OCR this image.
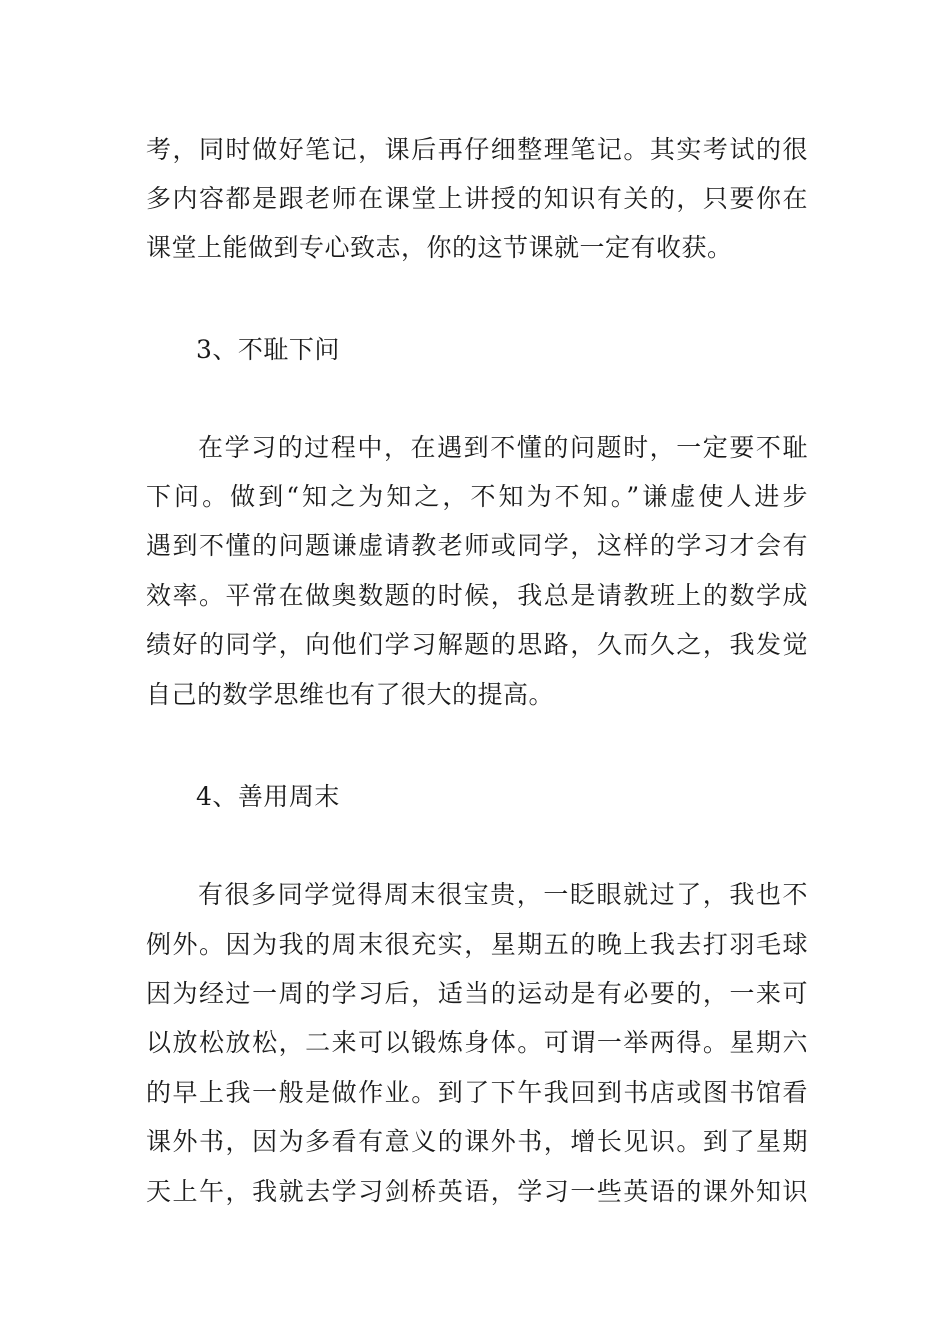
考，同时做好笔记，课后再仔细整理笔记。其实考试的很
多内容都是跟老师在课堂上讲授的知识有关的，只要你在
课堂上能做到专心致志，你的这节课就一定有收获。
3、不耻下问
在学习的过程中，在遇到不懂的问题时，一定要不耻
下问。做到“知之为知之，不知为不知。”谦虚使人进步
遇到不懂的问题谦虚请教老师或同学，这样的学习才会有
效率。平常在做奥数题的时候，我总是请教班上的数学成
绩好的同学，向他们学习解题的思路，久而久之，我发觉
自己的数学思维也有了很大的提高。
4、善用周末
有很多同学觉得周末很宝贵，一眨眼就过了，我也不
例外。因为我的周末很充实，星期五的晚上我去打羽毛球
因为经过一周的学习后，适当的运动是有必要的，一来可
以放松放松，二来可以锻炼身体。可谓一举两得。星期六
的早上我一般是做作业。到了下午我回到书店或图书馆看
课外书，因为多看有意义的课外书，增长见识。到了星期
天上午，我就去学习剑桥英语，学习一些英语的课外知识
